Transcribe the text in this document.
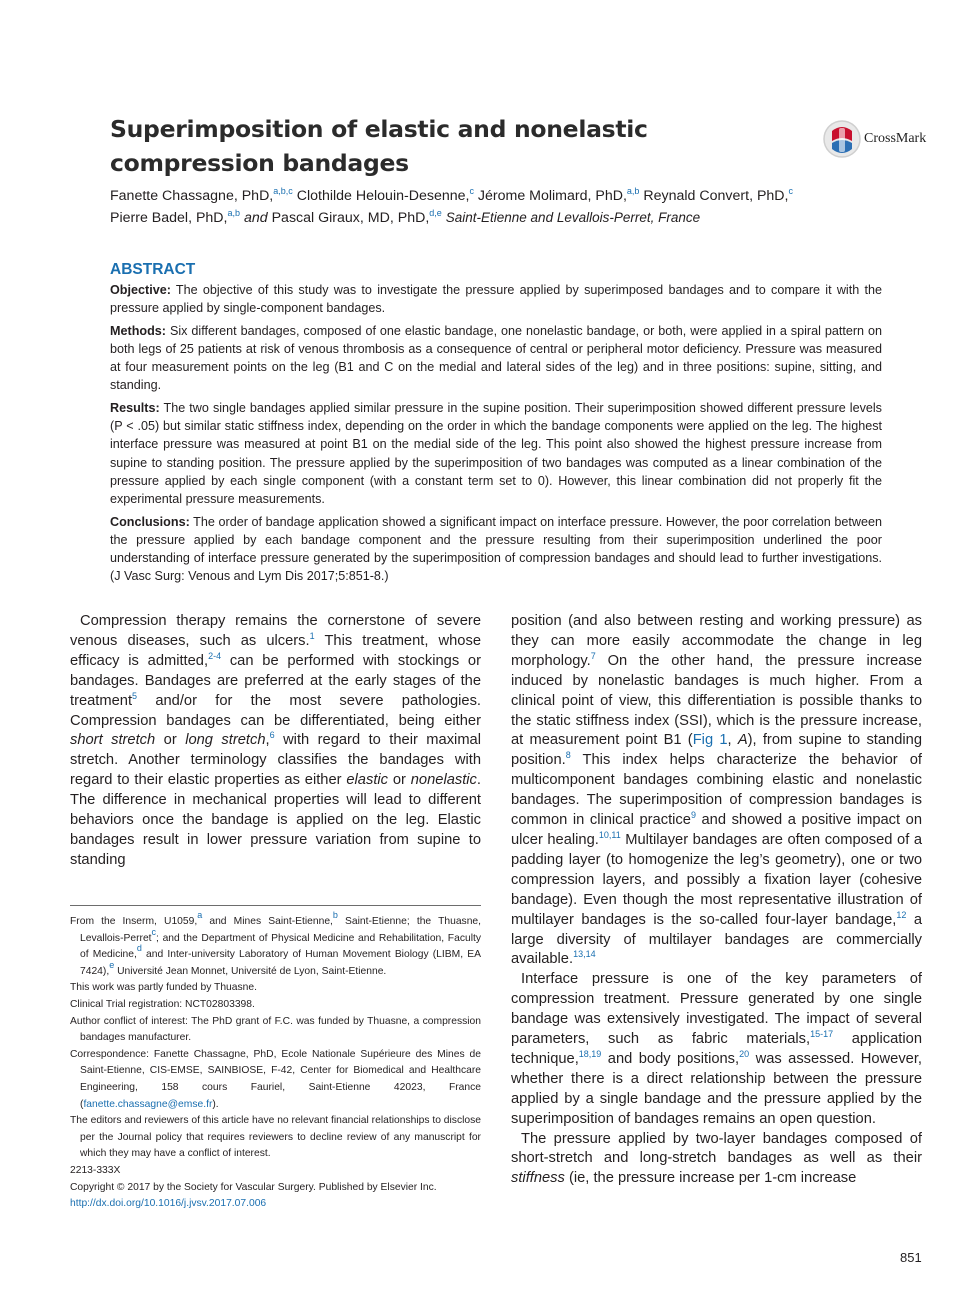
Superimposition of elastic and nonelastic compression bandages
CrossMark
Fanette Chassagne, PhD,$^{a,b,c}$ Clothilde Helouin-Desenne,$^c$ Jérome Molimard, PhD,$^{a,b}$ Reynald Convert, PhD,$^c$
Pierre Badel, PhD,$^{a,b}$ and Pascal Giraux, MD, PhD,$^{d,e}$ Saint-Etienne and Levallois-Perret, France
ABSTRACT

Objective: The objective of this study was to investigate the pressure applied by superimposed bandages and to compare it with the pressure applied by single-component bandages.

Methods: Six different bandages, composed of one elastic bandage, one nonelastic bandage, or both, were applied in a spiral pattern on both legs of 25 patients at risk of venous thrombosis as a consequence of central or peripheral motor deficiency. Pressure was measured at four measurement points on the leg (B1 and C on the medial and lateral sides of the leg) and in three positions: supine, sitting, and standing.

Results: The two single bandages applied similar pressure in the supine position. Their superimposition showed different pressure levels (P < .05) but similar static stiffness index, depending on the order in which the bandage components were applied on the leg. The highest interface pressure was measured at point B1 on the medial side of the leg. This point also showed the highest pressure increase from supine to standing position. The pressure applied by the superimposition of two bandages was computed as a linear combination of the pressure applied by each single component (with a constant term set to 0). However, this linear combination did not properly fit the experimental pressure measurements.

Conclusions: The order of bandage application showed a significant impact on interface pressure. However, the poor correlation between the pressure applied by each bandage component and the pressure resulting from their superimposition underlined the poor understanding of interface pressure generated by the superimposition of compression bandages and should lead to further investigations. (J Vasc Surg: Venous and Lym Dis 2017;5:851-8.)

Compression therapy remains the cornerstone of severe venous diseases, such as ulcers.$^1$ This treatment, whose efficacy is admitted,$^{2-4}$ can be performed with stockings or bandages. Bandages are preferred at the early stages of the treatment$^5$ and/or for the most severe pathologies. Compression bandages can be differentiated, being either short stretch or long stretch,$^6$ with regard to their maximal stretch. Another terminology classifies the bandages with regard to their elastic properties as either elastic or nonelastic. The difference in mechanical properties will lead to different behaviors once the bandage is applied on the leg. Elastic bandages result in lower pressure variation from supine to standing

position (and also between resting and working pressure) as they can more easily accommodate the change in leg morphology.$^7$ On the other hand, the pressure increase induced by nonelastic bandages is much higher. From a clinical point of view, this differentiation is possible thanks to the static stiffness index (SSI), which is the pressure increase, at measurement point B1 (Fig 1, A), from supine to standing position.$^8$ This index helps characterize the behavior of multicomponent bandages combining elastic and nonelastic bandages. The superimposition of compression bandages is common in clinical practice$^9$ and showed a positive impact on ulcer healing.$^{10,11}$ Multilayer bandages are often composed of a padding layer (to homogenize the leg’s geometry), one or two compression layers, and possibly a fixation layer (cohesive bandage). Even though the most representative illustration of multilayer bandages is the so-called four-layer bandage,$^{12}$ a large diversity of multilayer bandages are commercially available.$^{13,14}$

Interface pressure is one of the key parameters of compression treatment. Pressure generated by one single bandage was extensively investigated. The impact of several parameters, such as fabric materials,$^{15-17}$ application technique,$^{18,19}$ and body positions,$^{20}$ was assessed. However, whether there is a direct relationship between the pressure applied by a single bandage and the pressure applied by the superimposition of bandages remains an open question.

The pressure applied by two-layer bandages composed of short-stretch and long-stretch bandages as well as their stiffness (ie, the pressure increase per 1-cm increase

From the Inserm, U1059,$^a$ and Mines Saint-Etienne,$^b$ Saint-Etienne; the Thuasne, Levallois-Perret$^c$; and the Department of Physical Medicine and Rehabilitation, Faculty of Medicine,$^d$ and Inter-university Laboratory of Human Movement Biology (LIBM, EA 7424),$^e$ Université Jean Monnet, Université de Lyon, Saint-Etienne.

This work was partly funded by Thuasne.

Clinical Trial registration: NCT02803398.

Author conflict of interest: The PhD grant of F.C. was funded by Thuasne, a compression bandages manufacturer.

Correspondence: Fanette Chassagne, PhD, Ecole Nationale Supérieure des Mines de Saint-Etienne, CIS-EMSE, SAINBIOSE, F-42, Center for Biomedical and Healthcare Engineering, 158 cours Fauriel, Saint-Etienne 42023, France (fanette.chassagne@emse.fr).

The editors and reviewers of this article have no relevant financial relationships to disclose per the Journal policy that requires reviewers to decline review of any manuscript for which they may have a conflict of interest.

2213-333X

Copyright © 2017 by the Society for Vascular Surgery. Published by Elsevier Inc.

http://dx.doi.org/10.1016/j.jvsv.2017.07.006

851
